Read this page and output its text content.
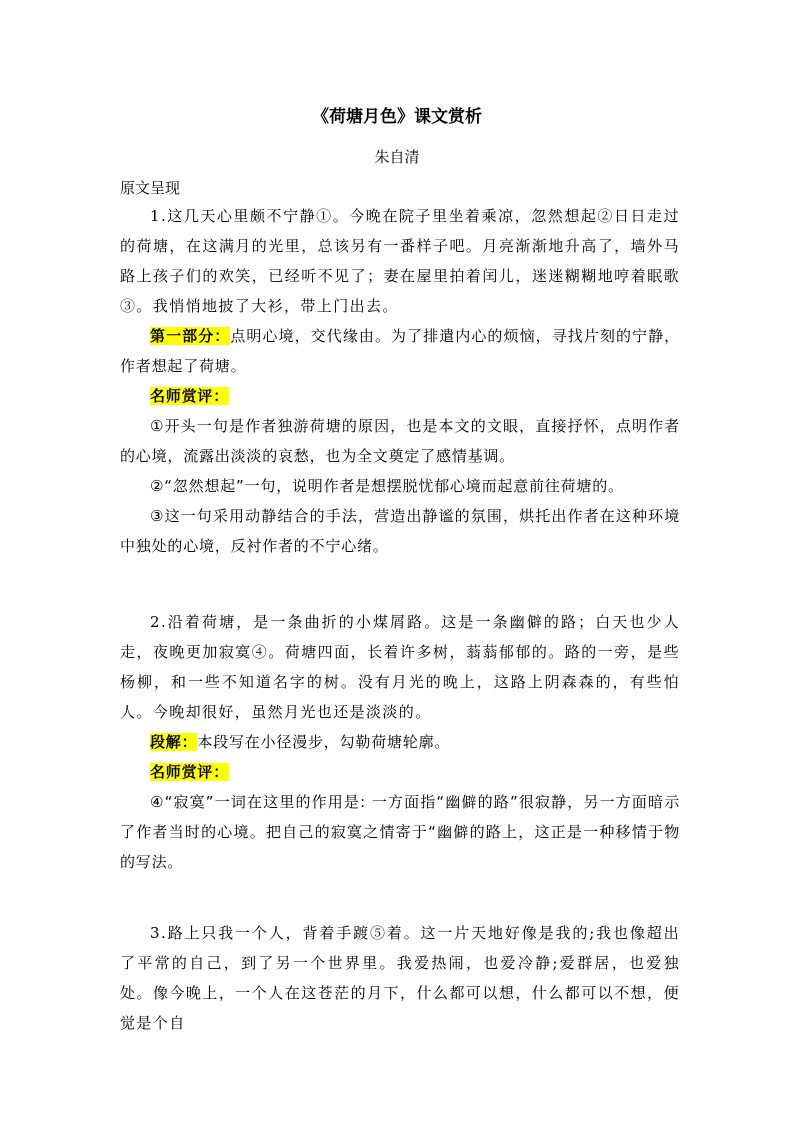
《荷塘月色》课文赏析
朱自清
原文呈现

1.这几天心里颇不宁静①。今晚在院子里坐着乘凉，忽然想起②日日走过的荷塘，在这满月的光里，总该另有一番样子吧。月亮渐渐地升高了，墙外马路上孩子们的欢笑，已经听不见了；妻在屋里拍着闰儿，迷迷糊糊地哼着眠歌③。我悄悄地披了大衫，带上门出去。

第一部分：点明心境，交代缘由。为了排遣内心的烦恼，寻找片刻的宁静，作者想起了荷塘。

名师赏评：

①开头一句是作者独游荷塘的原因，也是本文的文眼，直接抒怀，点明作者的心境，流露出淡淡的哀愁，也为全文奠定了感情基调。

②“忽然想起”一句，说明作者是想摆脱忧郁心境而起意前往荷塘的。

③这一句采用动静结合的手法，营造出静谧的氛围，烘托出作者在这种环境中独处的心境，反衬作者的不宁心绪。

2.沿着荷塘，是一条曲折的小煤屑路。这是一条幽僻的路；白天也少人走，夜晚更加寂寞④。荷塘四面，长着许多树，蓊蓊郁郁的。路的一旁，是些杨柳，和一些不知道名字的树。没有月光的晚上，这路上阴森森的，有些怕人。今晚却很好，虽然月光也还是淡淡的。

段解：本段写在小径漫步，勾勒荷塘轮廓。

名师赏评：

④“寂寞”一词在这里的作用是: 一方面指“幽僻的路”很寂静，另一方面暗示了作者当时的心境。把自己的寂寞之情寄于“幽僻的路上，这正是一种移情于物的写法。

3.路上只我一个人，背着手踱⑤着。这一片天地好像是我的;我也像超出了平常的自己，到了另一个世界里。我爱热闹，也爱冷静;爱群居，也爱独处。像今晚上，一个人在这苍茫的月下，什么都可以想，什么都可以不想，便觉是个自
